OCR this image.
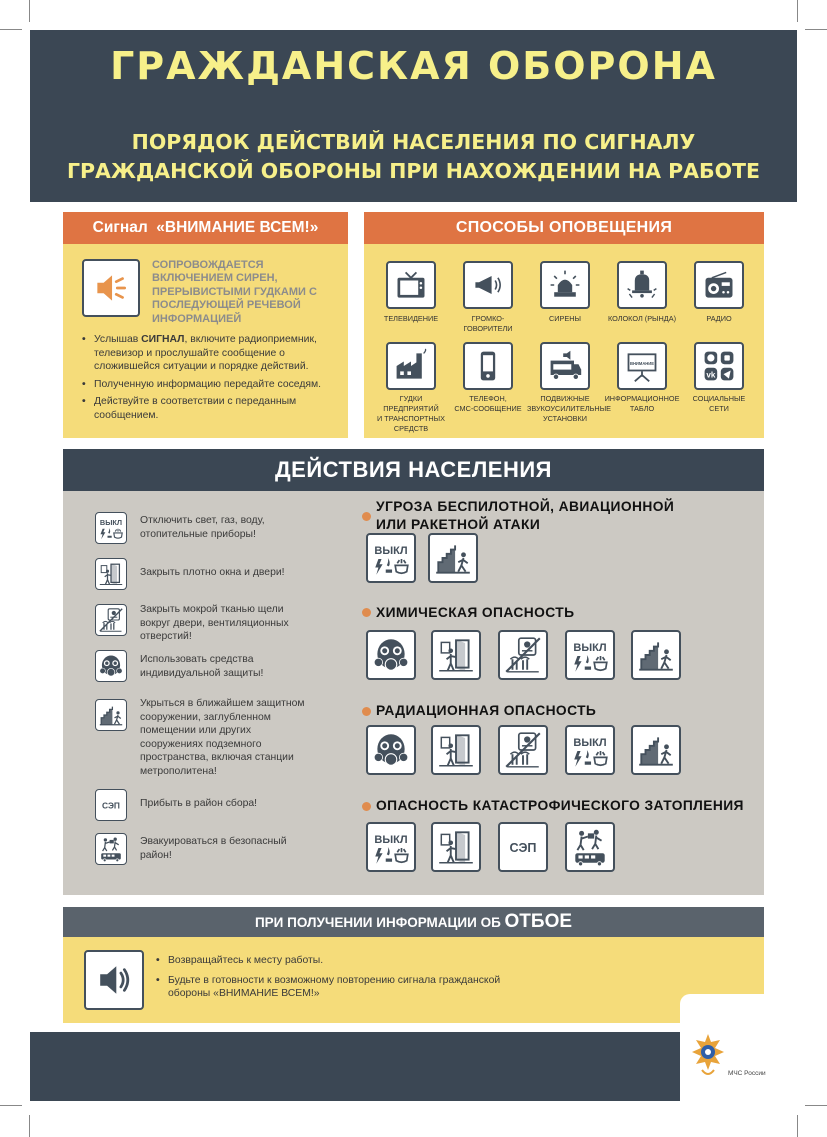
ГРАЖДАНСКАЯ ОБОРОНА
ПОРЯДОК ДЕЙСТВИЙ НАСЕЛЕНИЯ ПО СИГНАЛУ
ГРАЖДАНСКОЙ ОБОРОНЫ ПРИ НАХОЖДЕНИИ НА РАБОТЕ
Сигнал  «ВНИМАНИЕ ВСЕМ!»
СОПРОВОЖДАЕТСЯ ВКЛЮЧЕНИЕМ СИРЕН, ПРЕРЫВИСТЫМИ ГУДКАМИ С ПОСЛЕДУЮЩЕЙ РЕЧЕВОЙ ИНФОРМАЦИЕЙ
• Услышав СИГНАЛ, включите радиоприемник, телевизор и прослушайте сообщение о сложившейся ситуации и порядке действий.
• Полученную информацию передайте соседям.
• Действуйте в соответствии с переданным сообщением.
СПОСОБЫ ОПОВЕЩЕНИЯ
ТЕЛЕВИДЕНИЕ	ГРОМКО-
ГОВОРИТЕЛИ
СИРЕНЫ	КОЛОКОЛ (РЫНДА)	РАДИО
ГУДКИ ПРЕДПРИЯТИЙ
И ТРАНСПОРТНЫХ
СРЕДСТВ
ТЕЛЕФОН,
СМС-СООБЩЕНИЕ
ПОДВИЖНЫЕ
ЗВУКОУСИЛИТЕЛЬНЫЕ
УСТАНОВКИ
ВНИМАНИЕ
ИНФОРМАЦИОННОЕ
ТАБЛО
vk
СОЦИАЛЬНЫЕ
СЕТИ
ДЕЙСТВИЯ НАСЕЛЕНИЯ
Отключить свет, газ, воду, отопительные приборы!
Закрыть плотно окна и двери!
Закрыть мокрой тканью щели вокруг двери, вентиляционных отверстий!
Использовать средства индивидуальной защиты!
Укрыться в ближайшем защитном сооружении, заглубленном помещении или других сооружениях подземного пространства, включая станции метрополитена!
Прибыть в район сбора!
Эвакуироваться в безопасный район!
УГРОЗА БЕСПИЛОТНОЙ, АВИАЦИОННОЙ
ИЛИ РАКЕТНОЙ АТАКИ
ХИМИЧЕСКАЯ ОПАСНОСТЬ
РАДИАЦИОННАЯ ОПАСНОСТЬ
ОПАСНОСТЬ КАТАСТРОФИЧЕСКОГО ЗАТОПЛЕНИЯ
ПРИ ПОЛУЧЕНИИ ИНФОРМАЦИИ ОБ ОТБОЕ
• Возвращайтесь к месту работы.
• Будьте в готовности к возможному повторению сигнала гражданской обороны «ВНИМАНИЕ ВСЕМ!»
МЧС России
